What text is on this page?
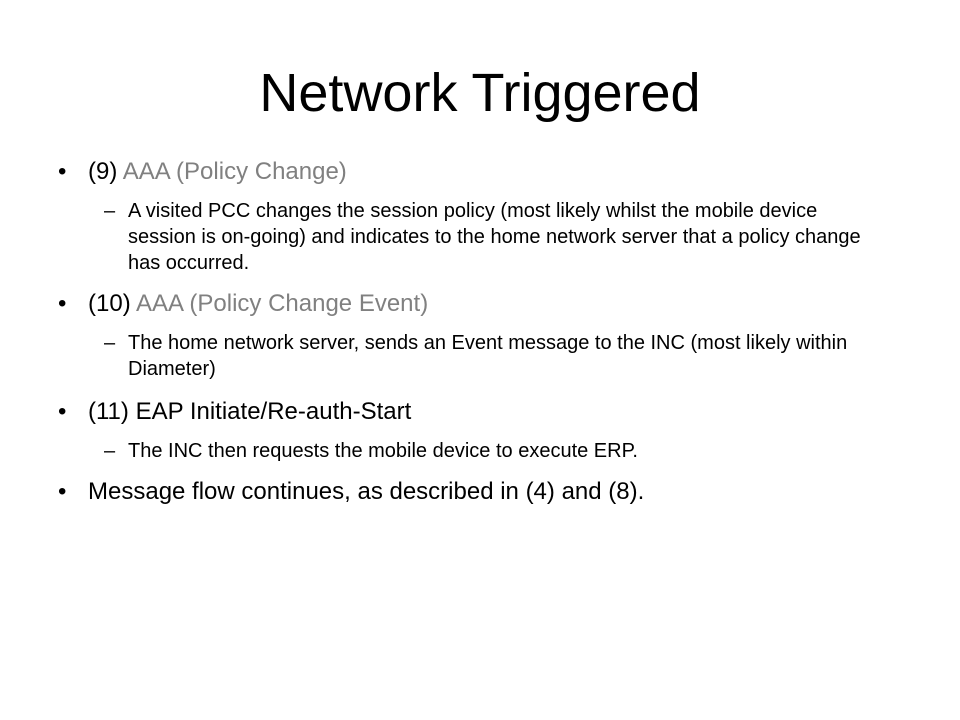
Network Triggered
• (9) AAA (Policy Change)
– A visited PCC changes the session policy (most likely whilst the mobile device session is on-going) and indicates to the home network server that a policy change has occurred.
• (10) AAA (Policy Change Event)
– The home network server, sends an Event message to the INC (most likely within Diameter)
• (11) EAP Initiate/Re-auth-Start
– The INC then requests the mobile device to execute ERP.
• Message flow continues, as described in (4) and (8).
